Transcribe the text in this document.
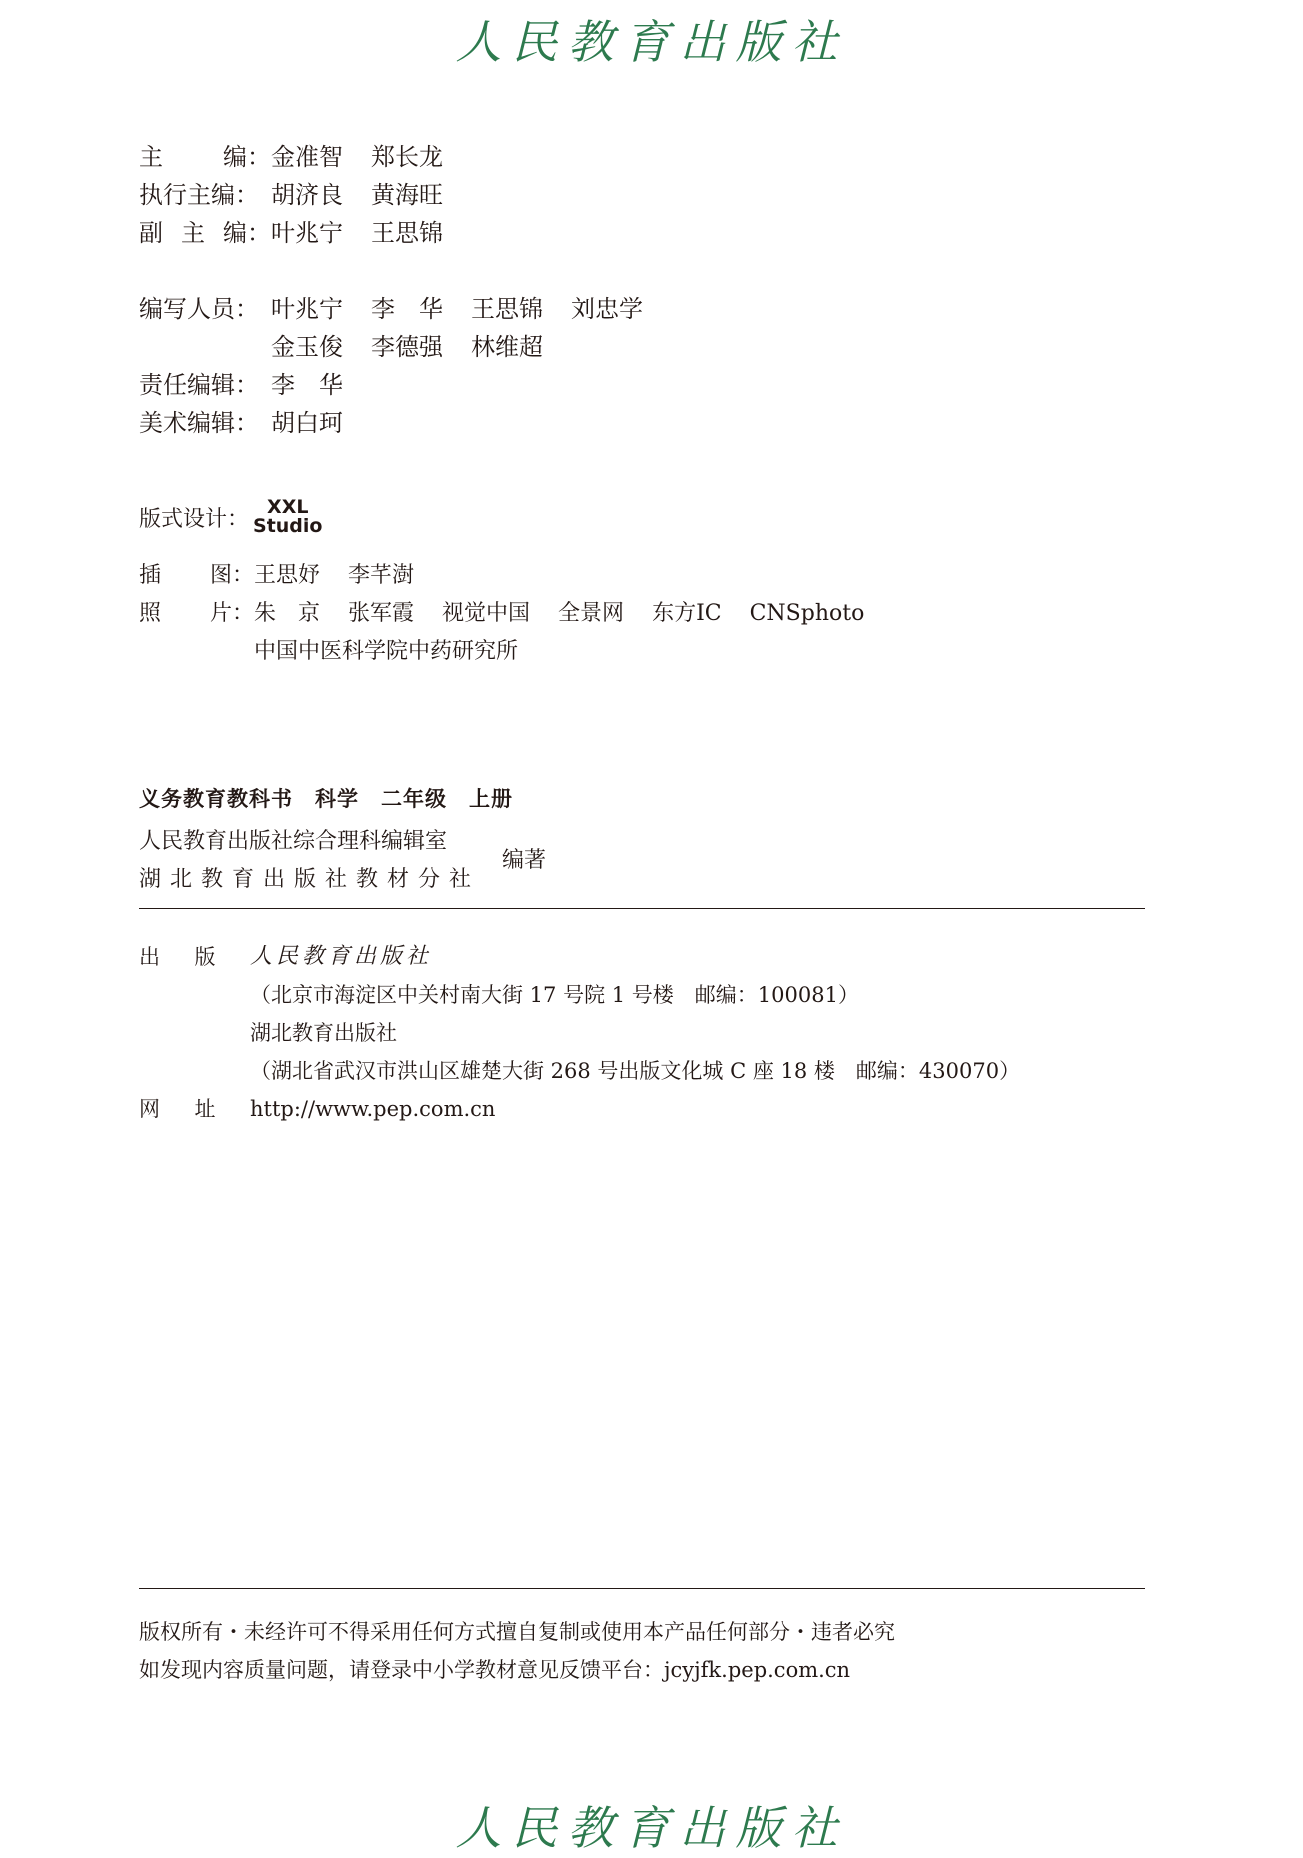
人民教育出版社
主	编： 金准智 郑长龙
执行主编： 胡济良 黄海旺
副 主 编： 叶兆宁 王思锦
编写人员： 叶兆宁 李　华 王思锦 刘忠学
金玉俊 李德强 林维超
责任编辑： 李　华
美术编辑： 胡白珂
版式设计： XXL
Studio
插 图： 王思妤 李芊澍
照 片： 朱　京 张军霞 视觉中国 全景网 东方IC CNSphoto
中国中医科学院中药研究所
义务教育教科书 科学 二年级 上册
人民教育出版社综合理科编辑室
湖北教育出版社教材分社
编著
出 版 人民教育出版社
（北京市海淀区中关村南大街 17 号院 1 号楼　邮编：100081）
湖北教育出版社
（湖北省武汉市洪山区雄楚大街 268 号出版文化城 C 座 18 楼　邮编：430070）
网 址 http://www.pep.com.cn
版权所有・未经许可不得采用任何方式擅自复制或使用本产品任何部分・违者必究
如发现内容质量问题，请登录中小学教材意见反馈平台：jcyjfk.pep.com.cn
人民教育出版社
